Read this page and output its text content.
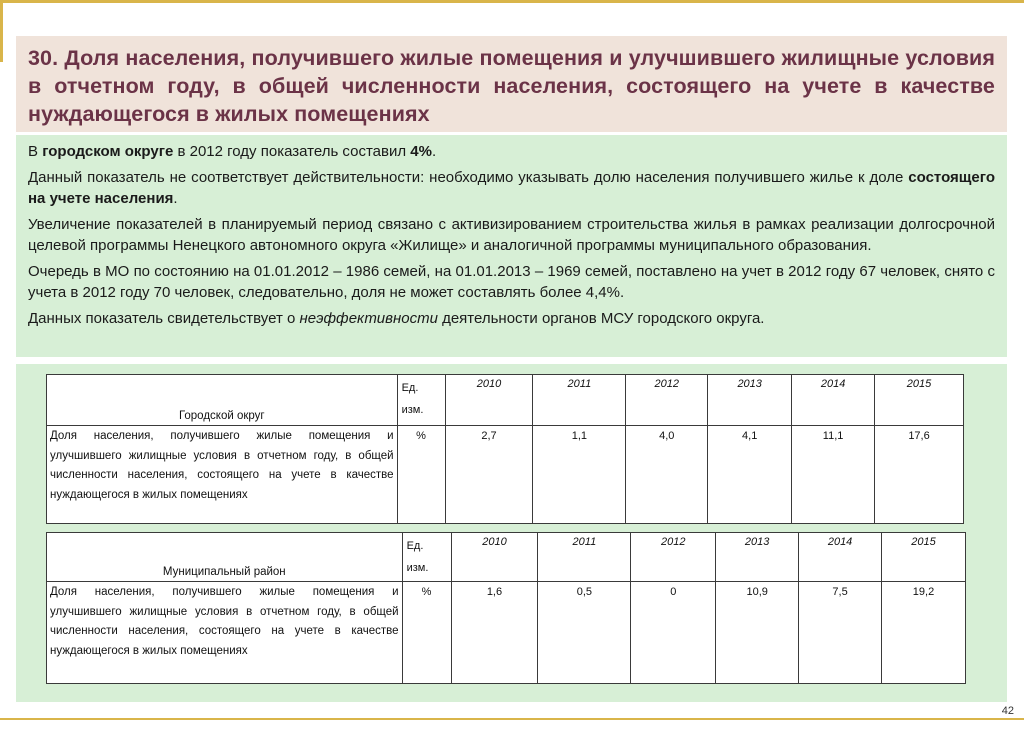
30. Доля населения, получившего жилые помещения и улучшившего жилищные условия в отчетном году, в общей численности населения, состоящего на учете в качестве нуждающегося в жилых помещениях

В городском округе в 2012 году показатель составил 4%.

Данный показатель не соответствует действительности: необходимо указывать долю населения получившего жилье к доле состоящего на учете населения.

Увеличение показателей в планируемый период связано с активизированием строительства жилья в рамках реализации долгосрочной целевой программы Ненецкого автономного округа «Жилище» и аналогичной программы муниципального образования.

Очередь в МО по состоянию на 01.01.2012 – 1986 семей, на 01.01.2013 – 1969 семей, поставлено на учет в 2012 году 67 человек, снято с учета в 2012 году 70 человек, следовательно, доля не может составлять более 4,4%.

Данных показатель свидетельствует о неэффективности деятельности органов МСУ городского округа.

Городской округ	Ед. изм.	2010	2011	2012	2013	2014	2015
Доля населения, получившего жилые помещения и улучшившего жилищные условия в отчетном году, в общей численности населения, состоящего на учете в качестве нуждающегося в жилых помещениях	%	2,7	1,1	4,0	4,1	11,1	17,6
Муниципальный район	Ед. изм.	2010	2011	2012	2013	2014	2015
Доля населения, получившего жилые помещения и улучшившего жилищные условия в отчетном году, в общей численности населения, состоящего на учете в качестве нуждающегося в жилых помещениях	%	1,6	0,5	0	10,9	7,5	19,2
42
